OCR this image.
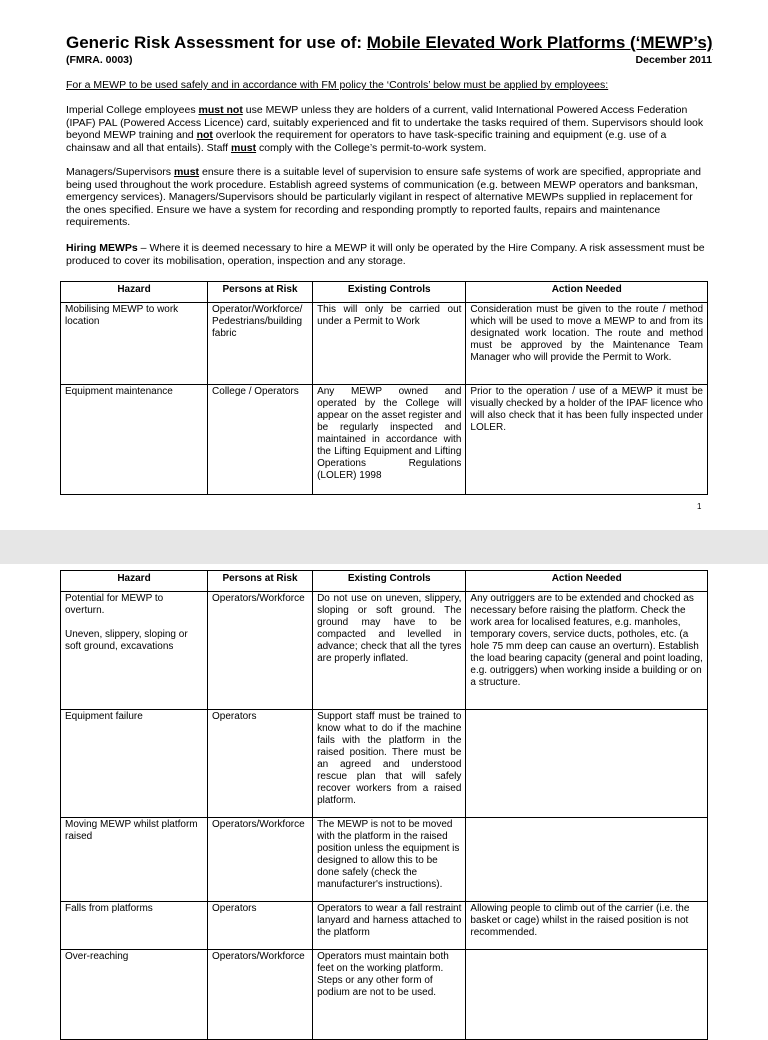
Generic Risk Assessment for use of: Mobile Elevated Work Platforms (‘MEWP’s)
(FMRA. 0003)	December 2011
For a MEWP to be used safely and in accordance with FM policy the ‘Controls’ below must be applied by employees:
Imperial College employees must not use MEWP unless they are holders of a current, valid International Powered Access Federation (IPAF) PAL (Powered Access Licence) card, suitably experienced and fit to undertake the tasks required of them. Supervisors should look beyond MEWP training and not overlook the requirement for operators to have task-specific training and equipment (e.g. use of a chainsaw and all that entails). Staff must comply with the College’s permit-to-work system.
Managers/Supervisors must ensure there is a suitable level of supervision to ensure safe systems of work are specified, appropriate and being used throughout the work procedure. Establish agreed systems of communication (e.g. between MEWP operators and banksman, emergency services). Managers/Supervisors should be particularly vigilant in respect of alternative MEWPs supplied in replacement for the ones specified. Ensure we have a system for recording and responding promptly to reported faults, repairs and maintenance requirements.
Hiring MEWPs – Where it is deemed necessary to hire a MEWP it will only be operated by the Hire Company. A risk assessment must be produced to cover its mobilisation, operation, inspection and any storage.
Hazard	Persons at Risk	Existing Controls	Action Needed
Mobilising MEWP to work location	Operator/Workforce/ Pedestrians/building fabric	This will only be carried out under a Permit to Work	Consideration must be given to the route / method which will be used to move a MEWP to and from its designated work location. The route and method must be approved by the Maintenance Team Manager who will provide the Permit to Work.
Equipment maintenance	College / Operators	Any MEWP owned and operated by the College will appear on the asset register and be regularly inspected and maintained in accordance with the Lifting Equipment and Lifting Operations Regulations (LOLER) 1998	Prior to the operation / use of a MEWP it must be visually checked by a holder of the IPAF licence who will also check that it has been fully inspected under LOLER.
1
Hazard	Persons at Risk	Existing Controls	Action Needed

Potential for MEWP to overturn.
Uneven, slippery, sloping or soft ground, excavations	Operators/Workforce	Do not use on uneven, slippery, sloping or soft ground. The ground may have to be compacted and levelled in advance; check that all the tyres are properly inflated.	Any outriggers are to be extended and chocked as necessary before raising the platform. Check the work area for localised features, e.g. manholes, temporary covers, service ducts, potholes, etc. (a hole 75 mm deep can cause an overturn). Establish the load bearing capacity (general and point loading, e.g. outriggers) when working inside a building or on a structure.
Equipment failure	Operators	Support staff must be trained to know what to do if the machine fails with the platform in the raised position. There must be an agreed and understood rescue plan that will safely recover workers from a raised platform.	
Moving MEWP whilst platform raised	Operators/Workforce	The MEWP is not to be moved with the platform in the raised position unless the equipment is designed to allow this to be done safely (check the manufacturer's instructions).	
Falls from platforms	Operators	Operators to wear a fall restraint lanyard and harness attached to the platform	Allowing people to climb out of the carrier (i.e. the basket or cage) whilst in the raised position is not recommended.
Over-reaching	Operators/Workforce	Operators must maintain both feet on the working platform. Steps or any other form of podium are not to be used.	
